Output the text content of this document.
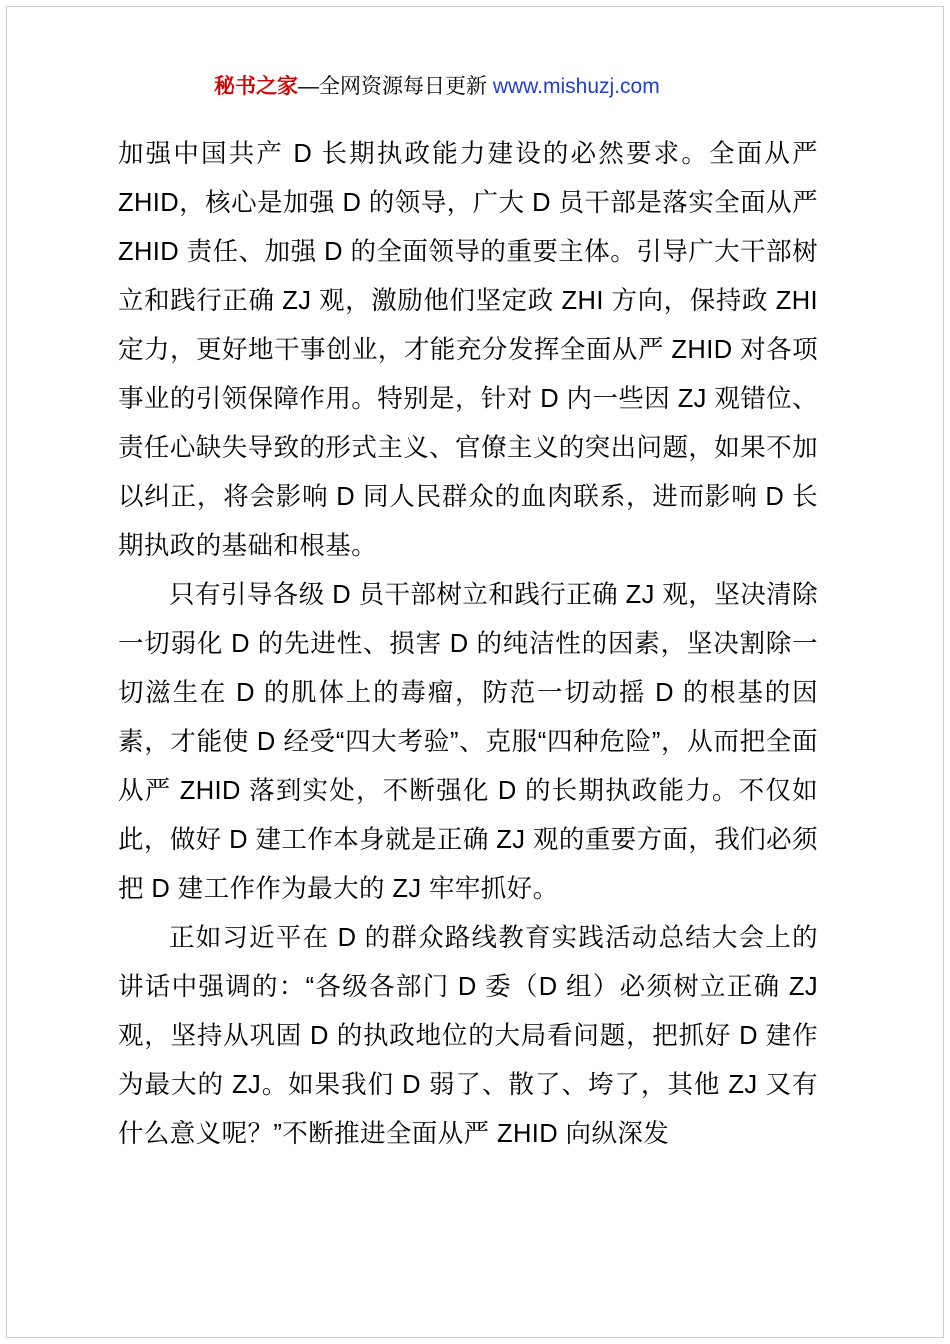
秘书之家—全网资源每日更新 www.mishuzj.com

加强中国共产 D 长期执政能力建设的必然要求。全面从严 ZHID，核心是加强 D 的领导，广大 D 员干部是落实全面从严 ZHID 责任、加强 D 的全面领导的重要主体。引导广大干部树立和践行正确 ZJ 观，激励他们坚定政 ZHI 方向，保持政 ZHI 定力，更好地干事创业，才能充分发挥全面从严 ZHID 对各项事业的引领保障作用。特别是，针对 D 内一些因 ZJ 观错位、责任心缺失导致的形式主义、官僚主义的突出问题，如果不加以纠正，将会影响 D 同人民群众的血肉联系，进而影响 D 长期执政的基础和根基。

只有引导各级 D 员干部树立和践行正确 ZJ 观，坚决清除一切弱化 D 的先进性、损害 D 的纯洁性的因素，坚决割除一切滋生在 D 的肌体上的毒瘤，防范一切动摇 D 的根基的因素，才能使 D 经受“四大考验”、克服“四种危险”，从而把全面从严 ZHID 落到实处，不断强化 D 的长期执政能力。不仅如此，做好 D 建工作本身就是正确 ZJ 观的重要方面，我们必须把 D 建工作作为最大的 ZJ 牢牢抓好。

正如习近平在 D 的群众路线教育实践活动总结大会上的讲话中强调的：“各级各部门 D 委（D 组）必须树立正确 ZJ 观，坚持从巩固 D 的执政地位的大局看问题，把抓好 D 建作为最大的 ZJ。如果我们 D 弱了、散了、垮了，其他 ZJ 又有什么意义呢？”不断推进全面从严 ZHID 向纵深发
